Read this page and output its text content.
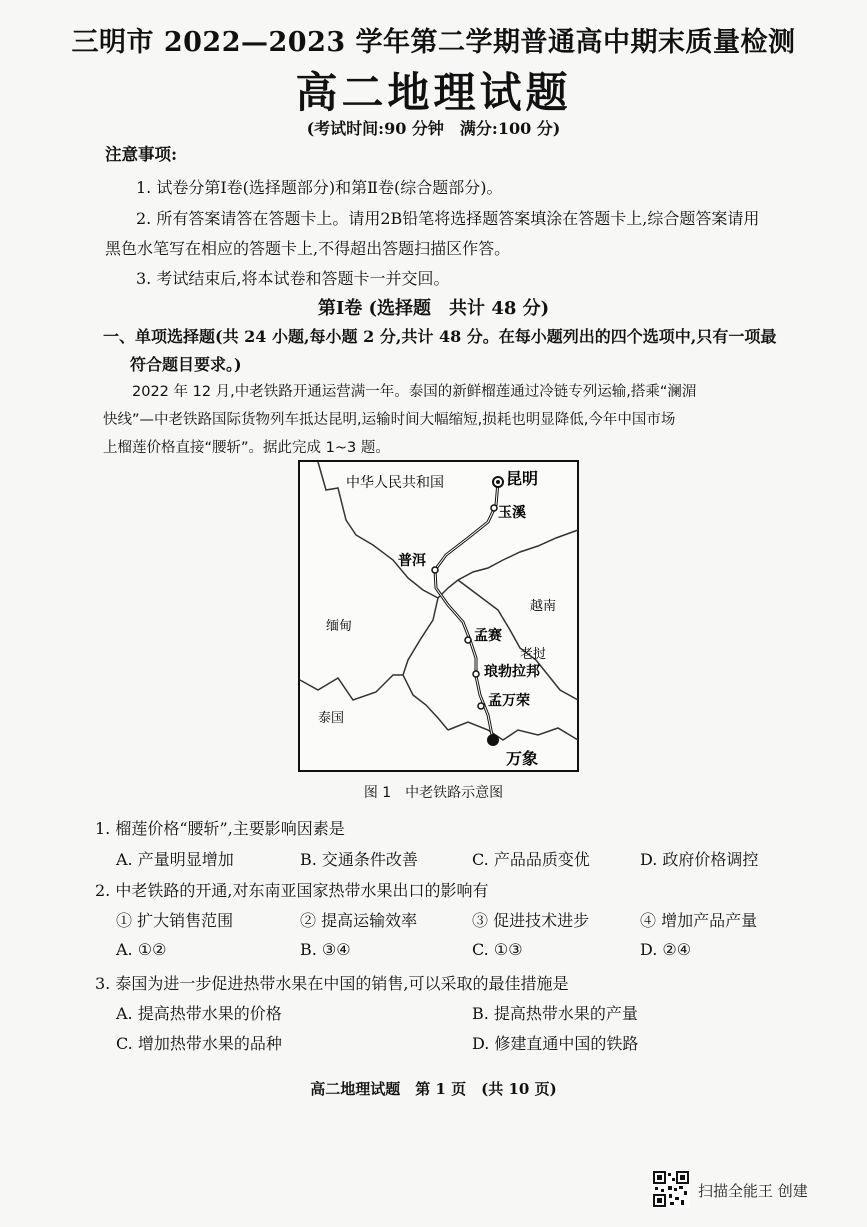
三明市 2022—2023 学年第二学期普通高中期末质量检测
高二地理试题
(考试时间:90 分钟　满分:100 分)
注意事项:
1. 试卷分第Ⅰ卷(选择题部分)和第Ⅱ卷(综合题部分)。
2. 所有答案请答在答题卡上。请用2B铅笔将选择题答案填涂在答题卡上,综合题答案请用
黑色水笔写在相应的答题卡上,不得超出答题扫描区作答。
3. 考试结束后,将本试卷和答题卡一并交回。
第Ⅰ卷 (选择题　共计 48 分)
一、单项选择题(共 24 小题,每小题 2 分,共计 48 分。在每小题列出的四个选项中,只有一项最
符合题目要求。)
2022 年 12 月,中老铁路开通运营满一年。泰国的新鲜榴莲通过冷链专列运输,搭乘“澜湄
快线”—中老铁路国际货物列车抵达昆明,运输时间大幅缩短,损耗也明显降低,今年中国市场
上榴莲价格直接“腰斩”。据此完成 1~3 题。
中华人民共和国	昆明
玉溪
普洱
越南
缅甸
老挝
孟赛
琅勃拉邦
孟万荣
泰国
万象
图 1　中老铁路示意图
1. 榴莲价格“腰斩”,主要影响因素是
A. 产量明显增加	B. 交通条件改善	C. 产品品质变优	D. 政府价格调控
2. 中老铁路的开通,对东南亚国家热带水果出口的影响有
① 扩大销售范围	② 提高运输效率	③ 促进技术进步	④ 增加产品产量
A. ①②	B. ③④	C. ①③	D. ②④
3. 泰国为进一步促进热带水果在中国的销售,可以采取的最佳措施是
A. 提高热带水果的价格	B. 提高热带水果的产量
C. 增加热带水果的品种	D. 修建直通中国的铁路
高二地理试题　第 1 页　(共 10 页)
扫描全能王 创建
